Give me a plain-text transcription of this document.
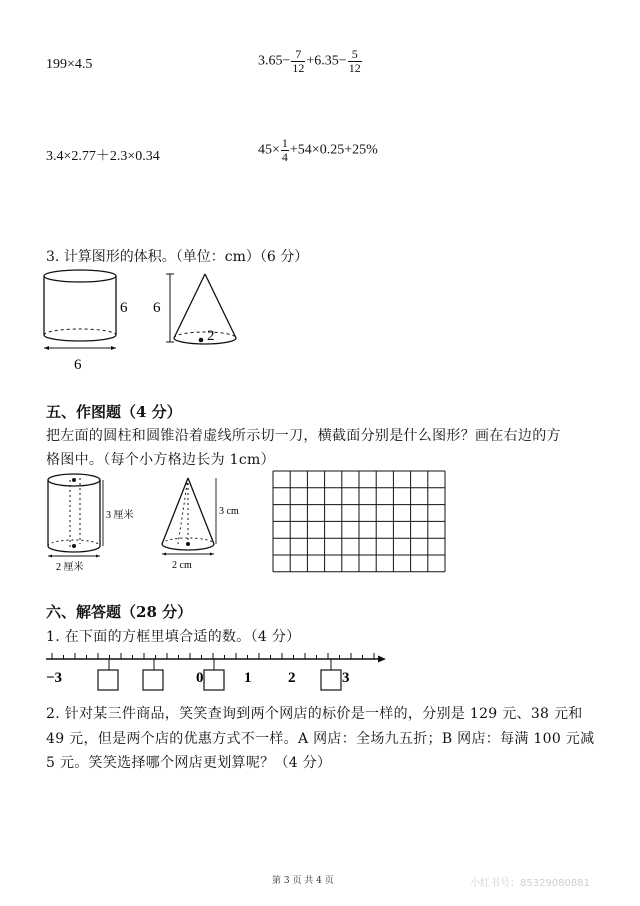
199×4.5	$3.65- \frac{7}{12} +6.35- \frac{5}{12}$
3.4×2.77＋2.3×0.34	$45\times \frac{1}{4} +54\times 0.25+25\%$
3. 计算图形的体积。（单位：cm）（6 分）
6
6
6
2
五、作图题（4 分）
把左面的圆柱和圆锥沿着虚线所示切一刀，横截面分别是什么图形？画在右边的方
格图中。（每个小方格边长为 1cm）
3 厘米
2 厘米
3 cm
2 cm
六、解答题（28 分）
1. 在下面的方框里填合适的数。（4 分）
−3	0	1 2	3
2. 针对某三件商品，笑笑查询到两个网店的标价是一样的，分别是 129 元、38 元和
49 元，但是两个店的优惠方式不一样。A 网店：全场九五折；B 网店：每满 100 元减
5 元。笑笑选择哪个网店更划算呢？（4 分）
第 3 页 共 4 页	小红书号：85329080881
